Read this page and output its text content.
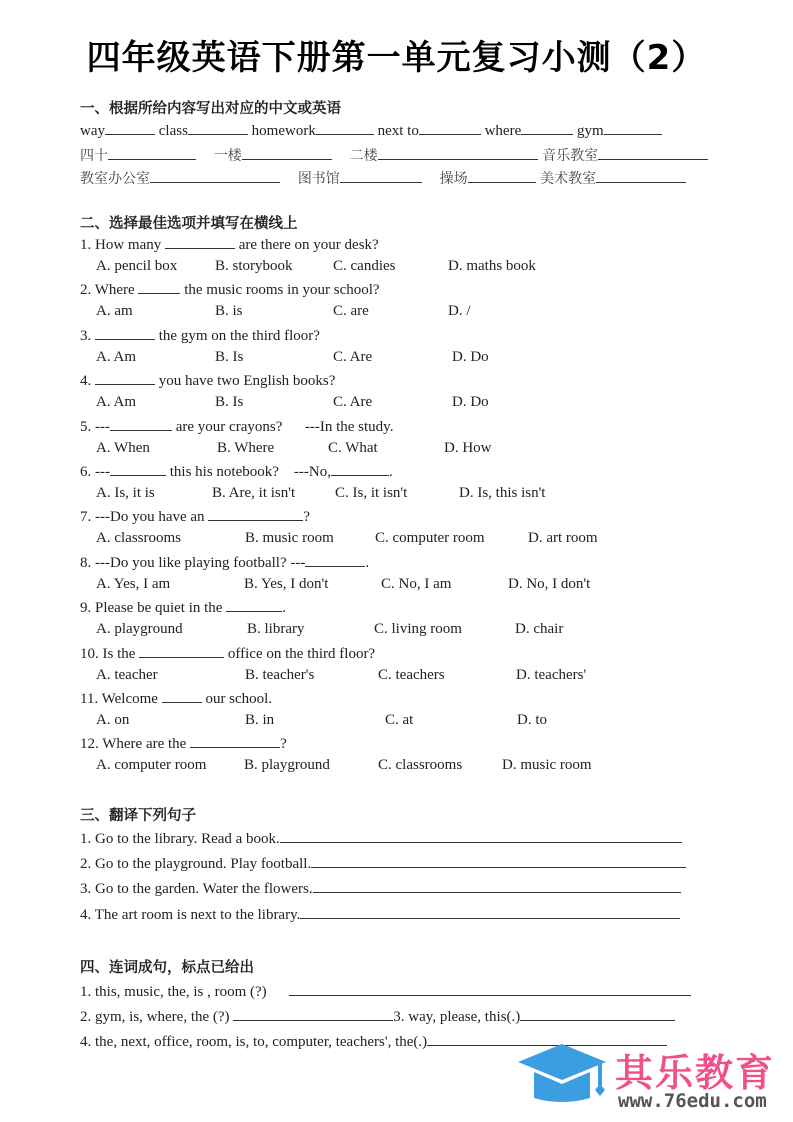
四年级英语下册第一单元复习小测（2）
一、根据所给内容写出对应的中文或英语
way	class	homework	next to	where	gym
四十	一楼	二楼	音乐教室
教室办公室	图书馆	操场	美术教室
二、选择最佳选项并填写在横线上
1. How many	are there on your desk?
A. pencil box	B. storybook	C. candies	D. maths book
2. Where	the music rooms in your school?
A. am	B. is	C. are	D. /
3.	the gym on the third floor?
A. Am	B. Is	C. Are	D. Do
4.	you have two English books?
A. Am	B. Is	C. Are	D. Do
5. ---	are your crayons?      ---In the study.
A. When	B. Where	C. What	D. How
6. ---	this his notebook?    ---No,	.
A. Is, it is	B. Are, it isn't	C. Is, it isn't	D. Is, this isn't
7. ---Do you have an	?
A. classrooms	B. music room	C. computer room	D. art room
8. ---Do you like playing football? ---	.
A. Yes, I am	B. Yes, I don't	C. No, I am	D. No, I don't
9. Please be quiet in the	.
A. playground	B. library	C. living room	D. chair
10. Is the	office on the third floor?
A. teacher	B. teacher's	C. teachers	D. teachers'
11. Welcome	our school.
A. on	B. in	C. at	D. to
12. Where are the	?
A. computer room	B. playground	C. classrooms	D. music room
三、翻译下列句子
1. Go to the library. Read a book.
2. Go to the playground. Play football.
3. Go to the garden. Water the flowers.
4. The art room is next to the library.
四、连词成句，标点已给出
1. this, music, the, is , room (?)
2. gym, is, where, the (?)	3. way, please, this(.)
4. the, next, office, room, is, to, computer, teachers', the(.)
其乐教育
www.76edu.com
